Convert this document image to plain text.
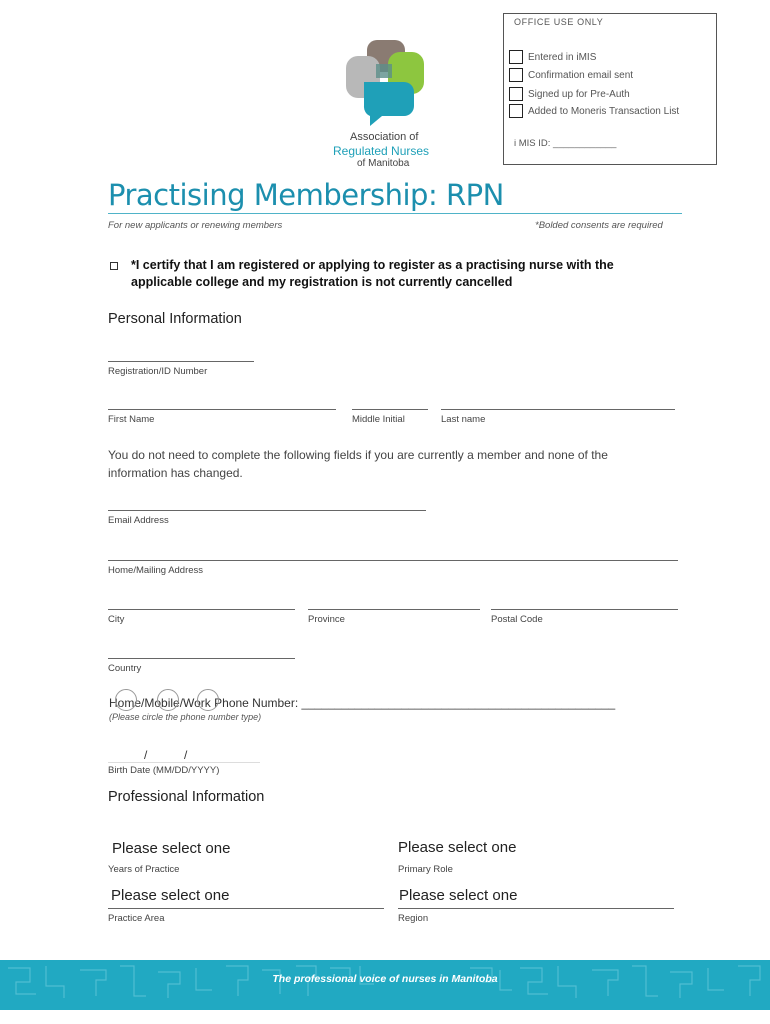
OFFICE USE ONLY
Entered in iMIS
Confirmation email sent
Signed up for Pre-Auth
Added to Moneris Transaction List
i MIS ID: ____________
Association of
Regulated Nurses
of Manitoba
Practising Membership: RPN
For new applicants or renewing members	*Bolded consents are required
*I certify that I am registered or applying to register as a practising nurse with the applicable college and my registration is not currently cancelled
Personal Information
Registration/ID Number
First Name	Middle Initial	Last name
You do not need to complete the following fields if you are currently a member and none of the information has changed.
Email Address
Home/Mailing Address
City	Province	Postal Code
Country
Home/Mobile/Work Phone Number: _______________________________________________
(Please circle the phone number type)
/	/
Birth Date (MM/DD/YYYY)
Professional Information
Please select one
Years of Practice
Please select one
Primary Role
Please select one
Practice Area
Please select one
Region
The professional voice of nurses in Manitoba
